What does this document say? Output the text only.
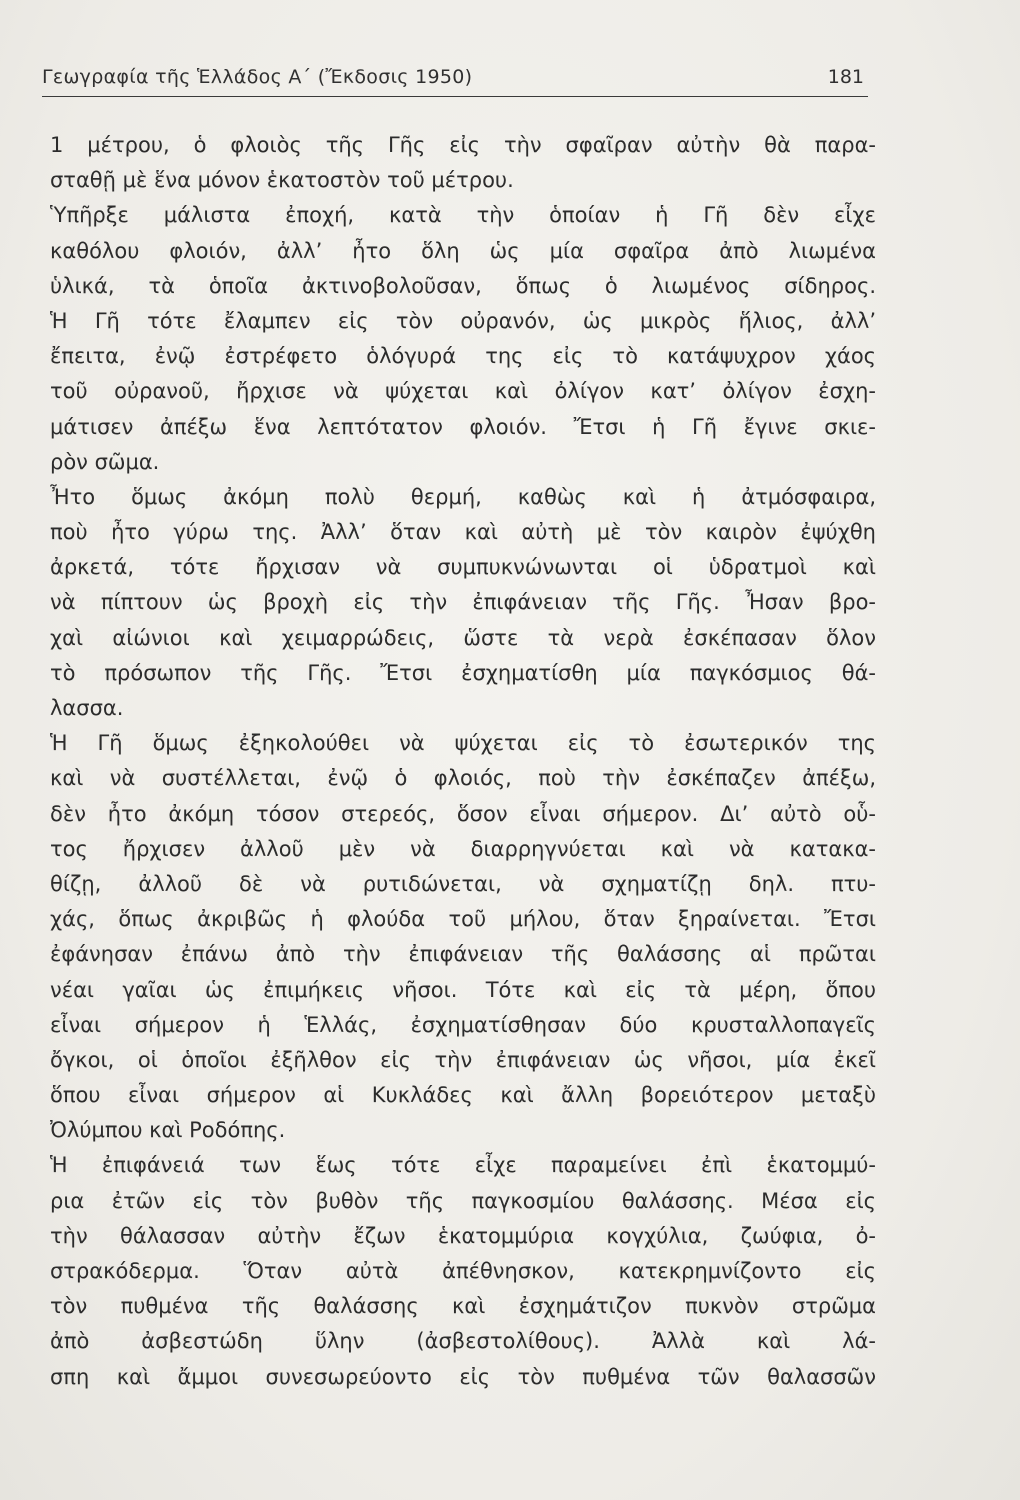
Γεωγραφία τῆς Ἑλλάδος Α΄ (Ἔκδοσις 1950)	181
1 μέτρου, ὁ φλοιὸς τῆς Γῆς εἰς τὴν σφαῖραν αὐτὴν θὰ παρα-
σταθῇ μὲ ἕνα μόνον ἑκατοστὸν τοῦ μέτρου.
Ὑπῆρξε μάλιστα ἐποχή, κατὰ τὴν ὁποίαν ἡ Γῆ δὲν εἶχε
καθόλου φλοιόν, ἀλλ’ ἦτο ὅλη ὡς μία σφαῖρα ἀπὸ λιωμένα
ὑλικά, τὰ ὁποῖα ἀκτινοβολοῦσαν, ὅπως ὁ λιωμένος σίδηρος.
Ἡ Γῆ τότε ἔλαμπεν εἰς τὸν οὐρανόν, ὡς μικρὸς ἥλιος, ἀλλ’
ἔπειτα, ἐνῷ ἐστρέφετο ὁλόγυρά της εἰς τὸ κατάψυχρον χάος
τοῦ οὐρανοῦ, ἤρχισε νὰ ψύχεται καὶ ὀλίγον κατ’ ὀλίγον ἐσχη-
μάτισεν ἀπέξω ἕνα λεπτότατον φλοιόν. Ἔτσι ἡ Γῆ ἔγινε σκιε-
ρὸν σῶμα.
Ἦτο ὅμως ἀκόμη πολὺ θερμή, καθὼς καὶ ἡ ἀτμόσφαιρα,
ποὺ ἦτο γύρω της. Ἀλλ’ ὅταν καὶ αὐτὴ μὲ τὸν καιρὸν ἐψύχθη
ἀρκετά, τότε ἤρχισαν νὰ συμπυκνώνωνται οἱ ὑδρατμοὶ καὶ
νὰ πίπτουν ὡς βροχὴ εἰς τὴν ἐπιφάνειαν τῆς Γῆς. Ἦσαν βρο-
χαὶ αἰώνιοι καὶ χειμαρρώδεις, ὥστε τὰ νερὰ ἐσκέπασαν ὅλον
τὸ πρόσωπον τῆς Γῆς. Ἔτσι ἐσχηματίσθη μία παγκόσμιος θά-
λασσα.
Ἡ Γῆ ὅμως ἐξηκολούθει νὰ ψύχεται εἰς τὸ ἐσωτερικόν της
καὶ νὰ συστέλλεται, ἐνῷ ὁ φλοιός, ποὺ τὴν ἐσκέπαζεν ἀπέξω,
δὲν ἦτο ἀκόμη τόσον στερεός, ὅσον εἶναι σήμερον. Δι’ αὐτὸ οὗ-
τος ἤρχισεν ἀλλοῦ μὲν νὰ διαρρηγνύεται καὶ νὰ κατακα-
θίζῃ, ἀλλοῦ δὲ νὰ ρυτιδώνεται, νὰ σχηματίζῃ δηλ. πτυ-
χάς, ὅπως ἀκριβῶς ἡ φλούδα τοῦ μήλου, ὅταν ξηραίνεται. Ἔτσι
ἐφάνησαν ἐπάνω ἀπὸ τὴν ἐπιφάνειαν τῆς θαλάσσης αἱ πρῶται
νέαι γαῖαι ὡς ἐπιμήκεις νῆσοι. Τότε καὶ εἰς τὰ μέρη, ὅπου
εἶναι σήμερον ἡ Ἑλλάς, ἐσχηματίσθησαν δύο κρυσταλλοπαγεῖς
ὄγκοι, οἱ ὁποῖοι ἐξῆλθον εἰς τὴν ἐπιφάνειαν ὡς νῆσοι, μία ἐκεῖ
ὅπου εἶναι σήμερον αἱ Κυκλάδες καὶ ἄλλη βορειότερον μεταξὺ
Ὀλύμπου καὶ Ροδόπης.
Ἡ ἐπιφάνειά των ἕως τότε εἶχε παραμείνει ἐπὶ ἑκατομμύ-
ρια ἐτῶν εἰς τὸν βυθὸν τῆς παγκοσμίου θαλάσσης. Μέσα εἰς
τὴν θάλασσαν αὐτὴν ἔζων ἑκατομμύρια κογχύλια, ζωύφια, ὀ-
στρακόδερμα. Ὅταν αὐτὰ ἀπέθνησκον, κατεκρημνίζοντο εἰς
τὸν πυθμένα τῆς θαλάσσης καὶ ἐσχημάτιζον πυκνὸν στρῶμα
ἀπὸ ἀσβεστώδη ὕλην (ἀσβεστολίθους). Ἀλλὰ καὶ λά-
σπη καὶ ἄμμοι συνεσωρεύοντο εἰς τὸν πυθμένα τῶν θαλασσῶν
